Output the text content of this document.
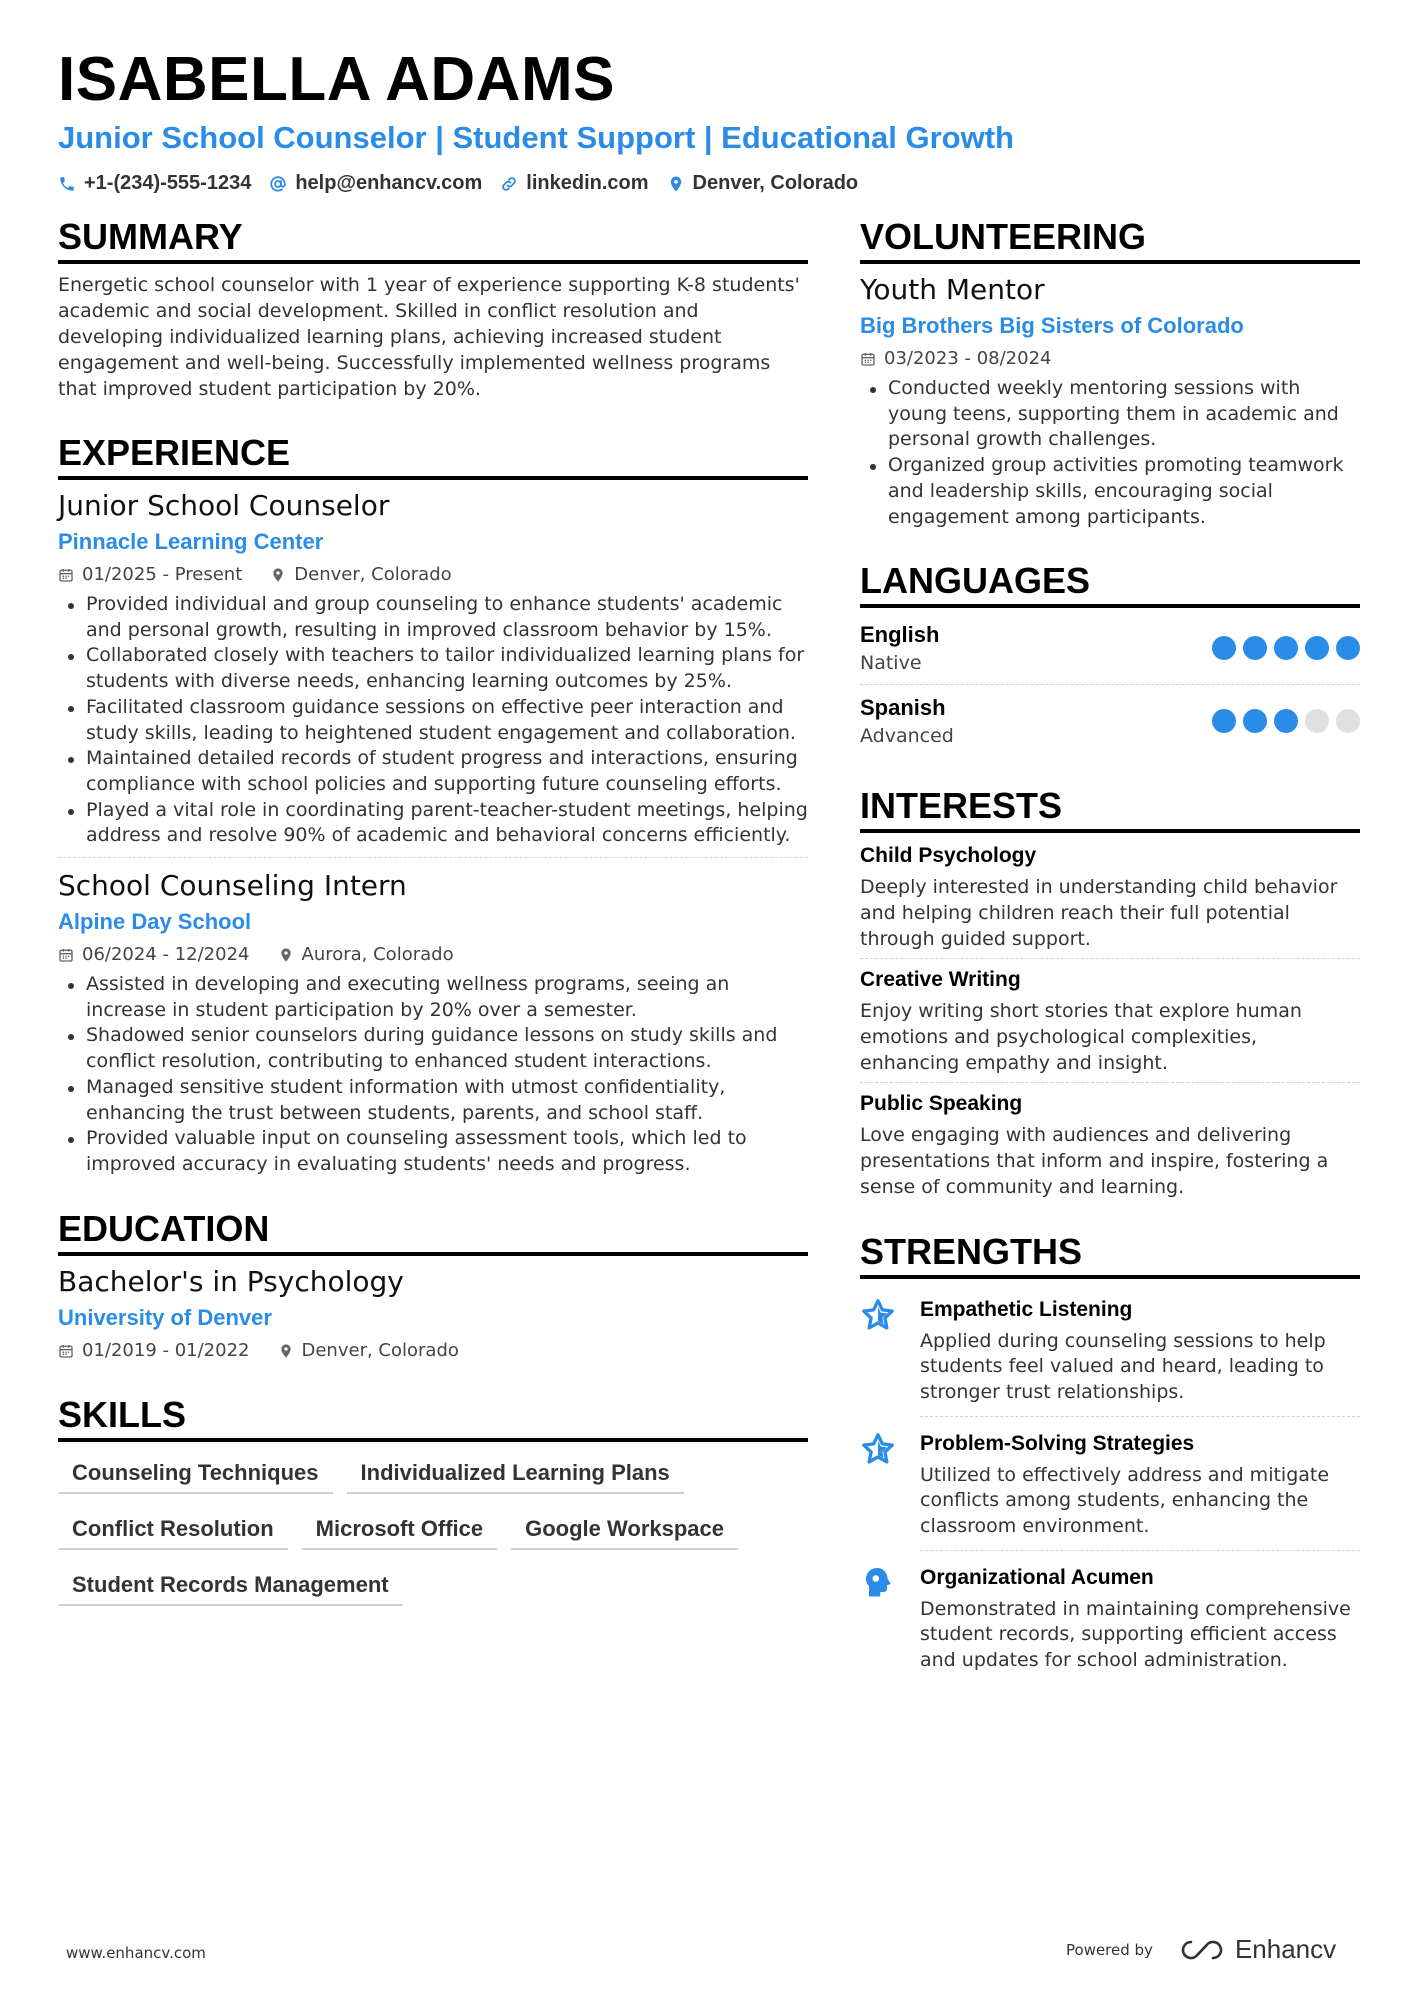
ISABELLA ADAMS
Junior School Counselor | Student Support | Educational Growth
+1-(234)-555-1234 help@enhancv.com linkedin.com Denver, Colorado
SUMMARY
Energetic school counselor with 1 year of experience supporting K-8 students' academic and social development. Skilled in conflict resolution and developing individualized learning plans, achieving increased student engagement and well-being. Successfully implemented wellness programs that improved student participation by 20%.
EXPERIENCE
Junior School Counselor
Pinnacle Learning Center
01/2025 - Present	Denver, Colorado
Provided individual and group counseling to enhance students' academic and personal growth, resulting in improved classroom behavior by 15%.
Collaborated closely with teachers to tailor individualized learning plans for students with diverse needs, enhancing learning outcomes by 25%.
Facilitated classroom guidance sessions on effective peer interaction and study skills, leading to heightened student engagement and collaboration.
Maintained detailed records of student progress and interactions, ensuring compliance with school policies and supporting future counseling efforts.
Played a vital role in coordinating parent-teacher-student meetings, helping address and resolve 90% of academic and behavioral concerns efficiently.
School Counseling Intern
Alpine Day School
06/2024 - 12/2024	Aurora, Colorado
Assisted in developing and executing wellness programs, seeing an increase in student participation by 20% over a semester.
Shadowed senior counselors during guidance lessons on study skills and conflict resolution, contributing to enhanced student interactions.
Managed sensitive student information with utmost confidentiality, enhancing the trust between students, parents, and school staff.
Provided valuable input on counseling assessment tools, which led to improved accuracy in evaluating students' needs and progress.
EDUCATION
Bachelor's in Psychology
University of Denver
01/2019 - 01/2022	Denver, Colorado
SKILLS
Counseling Techniques	Individualized Learning Plans
Conflict Resolution	Microsoft Office	Google Workspace
Student Records Management
VOLUNTEERING
Youth Mentor
Big Brothers Big Sisters of Colorado
03/2023 - 08/2024
Conducted weekly mentoring sessions with young teens, supporting them in academic and personal growth challenges.
Organized group activities promoting teamwork and leadership skills, encouraging social engagement among participants.
LANGUAGES
English
Native
Spanish
Advanced
INTERESTS
Child Psychology
Deeply interested in understanding child behavior and helping children reach their full potential through guided support.
Creative Writing
Enjoy writing short stories that explore human emotions and psychological complexities, enhancing empathy and insight.
Public Speaking
Love engaging with audiences and delivering presentations that inform and inspire, fostering a sense of community and learning.
STRENGTHS
Empathetic Listening
Applied during counseling sessions to help students feel valued and heard, leading to stronger trust relationships.
Problem-Solving Strategies
Utilized to effectively address and mitigate conflicts among students, enhancing the classroom environment.
Organizational Acumen
Demonstrated in maintaining comprehensive student records, supporting efficient access and updates for school administration.
www.enhancv.com	Powered by	Enhancv
